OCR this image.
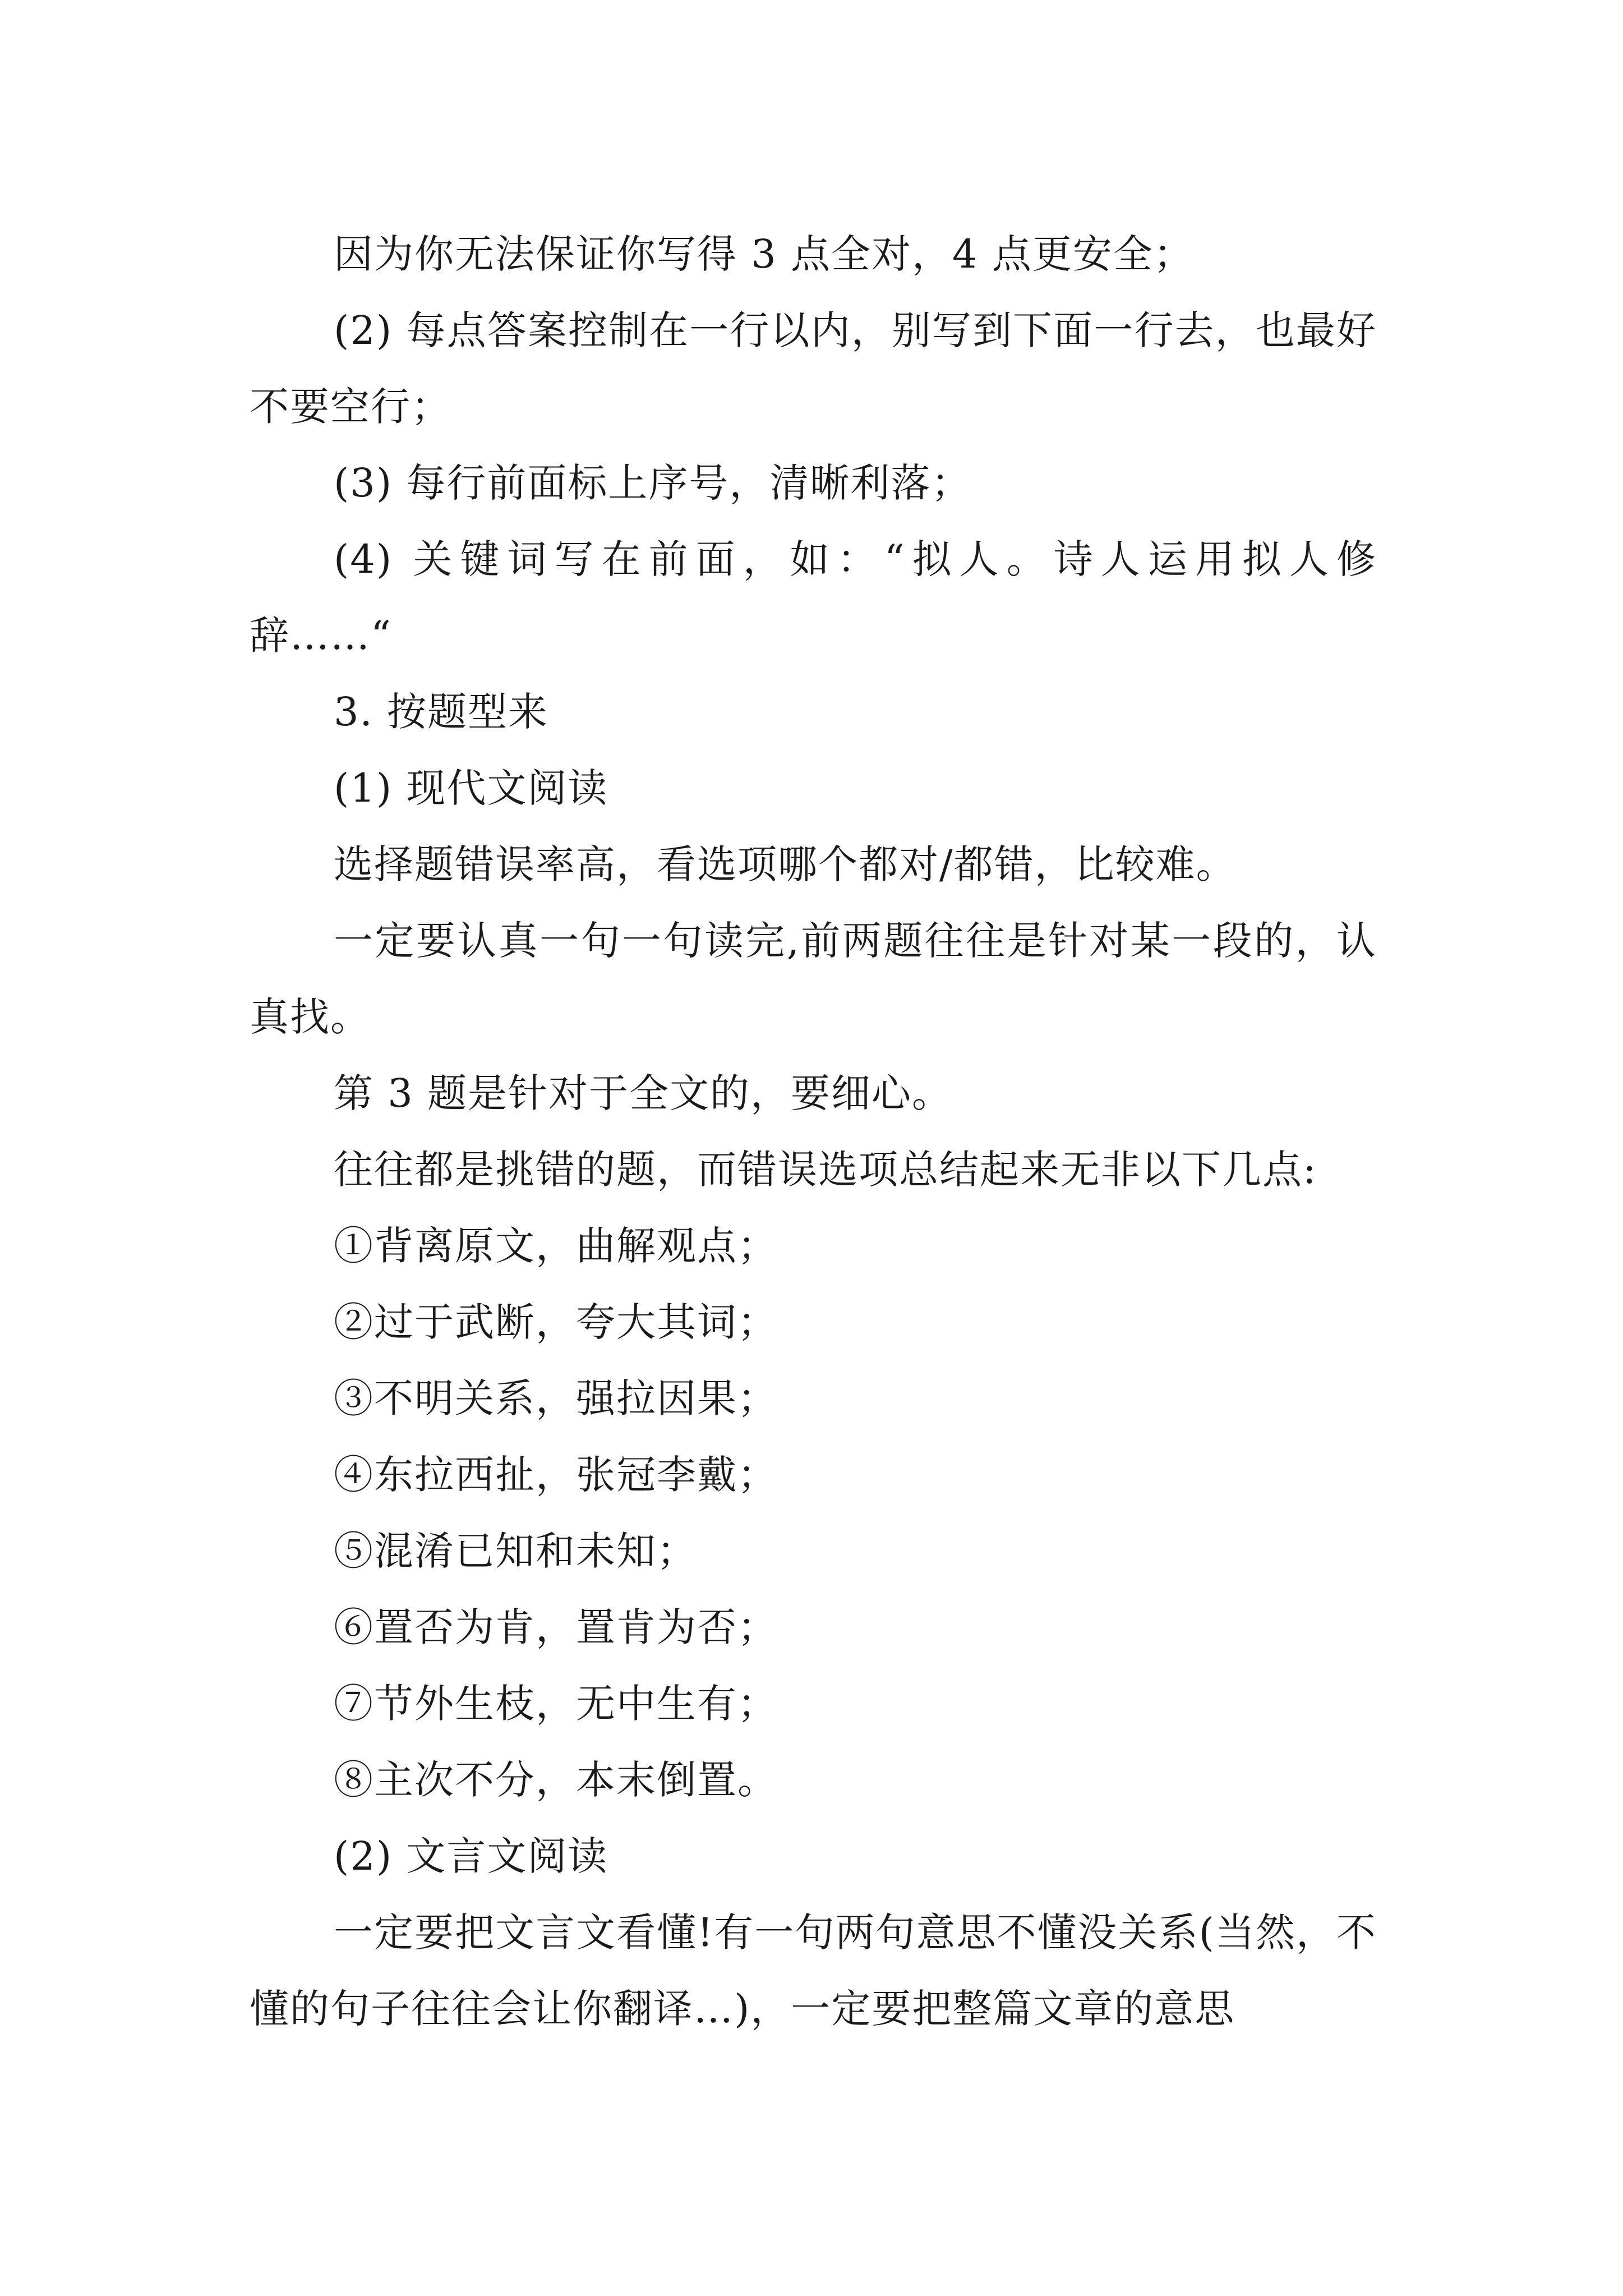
因为你无法保证你写得 3 点全对，4 点更安全；

(2) 每点答案控制在一行以内，别写到下面一行去，也最好不要空行；

(3) 每行前面标上序号，清晰利落；

(4) 关键词写在前面，如：“拟人。诗人运用拟人修辞……“

3. 按题型来

(1) 现代文阅读

选择题错误率高，看选项哪个都对/都错，比较难。

一定要认真一句一句读完,前两题往往是针对某一段的，认真找。

第 3 题是针对于全文的，要细心。

往往都是挑错的题，而错误选项总结起来无非以下几点:

①背离原文，曲解观点；

②过于武断，夸大其词；

③不明关系，强拉因果；

④东拉西扯，张冠李戴；

⑤混淆已知和未知；

⑥置否为肯，置肯为否；

⑦节外生枝，无中生有；

⑧主次不分，本末倒置。

(2) 文言文阅读

一定要把文言文看懂!有一句两句意思不懂没关系(当然，不懂的句子往往会让你翻译…)，一定要把整篇文章的意思
